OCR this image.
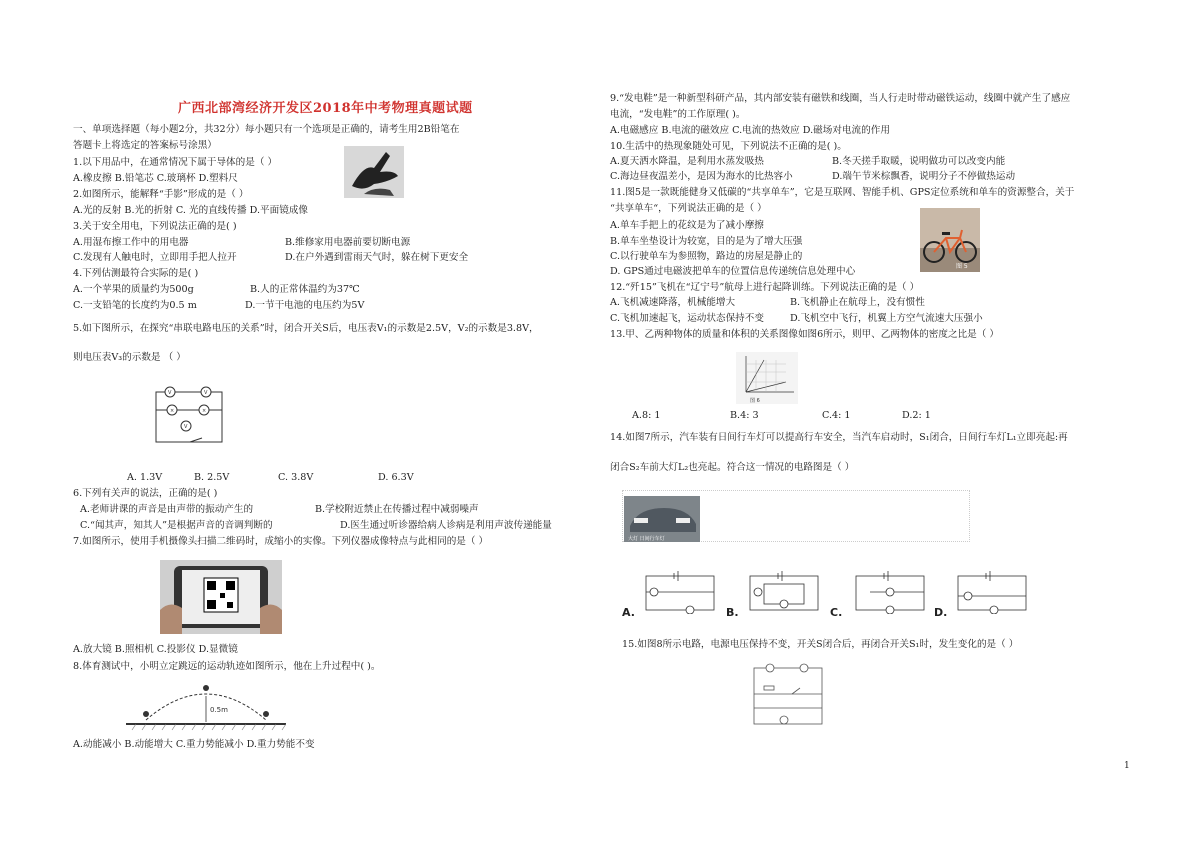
广西北部湾经济开发区2018年中考物理真题试题
一、单项选择题（每小题2分，共32分）每小题只有一个选项是正确的，请考生用2B铅笔在
答题卡上将选定的答案标号涂黑）
1.以下用品中，在通常情况下属于导体的是（ ）
A.橡皮擦 B.铅笔芯 C.玻璃杯 D.塑料尺
2.如图所示，能解释“手影”形成的是（ ）
A.光的反射 B.光的折射 C. 光的直线传播 D.平面镜成像
3.关于安全用电，下列说法正确的是( )
A.用湿布擦工作中的用电器	B.维修家用电器前要切断电源
C.发现有人触电时，立即用手把人拉开	D.在户外遇到雷雨天气时，躲在树下更安全
4.下列估测最符合实际的是( )
A.一个苹果的质量约为500g	B.人的正常体温约为37℃
C.一支铅笔的长度约为0.5 m	D.一节干电池的电压约为5V
5.如下图所示，在探究“串联电路电压的关系”时，闭合开关S后，电压表V₁的示数是2.5V，V₂的示数是3.8V，
则电压表V₃的示数是 （ ）
V	V
V
×	×
A. 1.3V	B. 2.5V	C. 3.8V	D. 6.3V
6.下列有关声的说法，正确的是( )
A.老师讲课的声音是由声带的振动产生的	B.学校附近禁止在传播过程中减弱噪声
C.“闻其声，知其人”是根据声音的音调判断的	D.医生通过听诊器给病人诊病是利用声波传递能量
7.如图所示，使用手机摄像头扫描二维码时，成缩小的实像。下列仪器成像特点与此相同的是（ ）
A.放大镜 B.照相机 C.投影仪 D.显微镜
8.体育测试中，小明立定跳远的运动轨迹如图所示，他在上升过程中( )。
0.5m
A.动能减小 B.动能增大 C.重力势能减小 D.重力势能不变
9.“发电鞋”是一种新型科研产品，其内部安装有磁铁和线圈，当人行走时带动磁铁运动，线圈中就产生了感应
电流，“发电鞋”的工作原理( )。
A.电磁感应 B.电流的磁效应 C.电流的热效应 D.磁场对电流的作用
10.生活中的热现象随处可见，下列说法不正确的是( )。
A.夏天洒水降温，是利用水蒸发吸热	B.冬天搓手取暖，说明做功可以改变内能
C.海边昼夜温差小，是因为海水的比热容小	D.端午节米棕飘香，说明分子不停做热运动
11.图5是一款既能健身又低碳的“共享单车”，它是互联网、智能手机、GPS定位系统和单车的资源整合，关于
“共享单车“，下列说法正确的是（ ）
A.单车手把上的花纹是为了减小摩擦
B.单车坐垫设计为较宽，目的是为了增大压强
C.以行驶单车为参照物，路边的房屋是静止的
D. GPS通过电磁波把单车的位置信息传递统信息处理中心	图 5
12.“歼15”飞机在“辽宁号”航母上进行起降训练。下列说法正确的是（ ）
A.飞机减速降落，机械能增大	B.飞机静止在航母上，没有惯性
C.飞机加速起飞，运动状态保持不变	D.飞机空中飞行，机翼上方空气流速大压强小
13.甲、乙两种物体的质量和体积的关系图像如图6所示，则甲、乙两物体的密度之比是（ ）
图 6
A.8: 1	B.4: 3	C.4: 1	D.2: 1
14.如图7所示，汽车装有日间行车灯可以提高行车安全，当汽车启动时，S₁闭合，日间行车灯L₁立即亮起:再
闭合S₂车前大灯L₂也亮起。符合这一情况的电路图是（ ）
大灯 日间行车灯
A.	B.	C.	D.
15.如图8所示电路，电源电压保持不变，开关S闭合后，再闭合开关S₁时，发生变化的是（ ）
1
